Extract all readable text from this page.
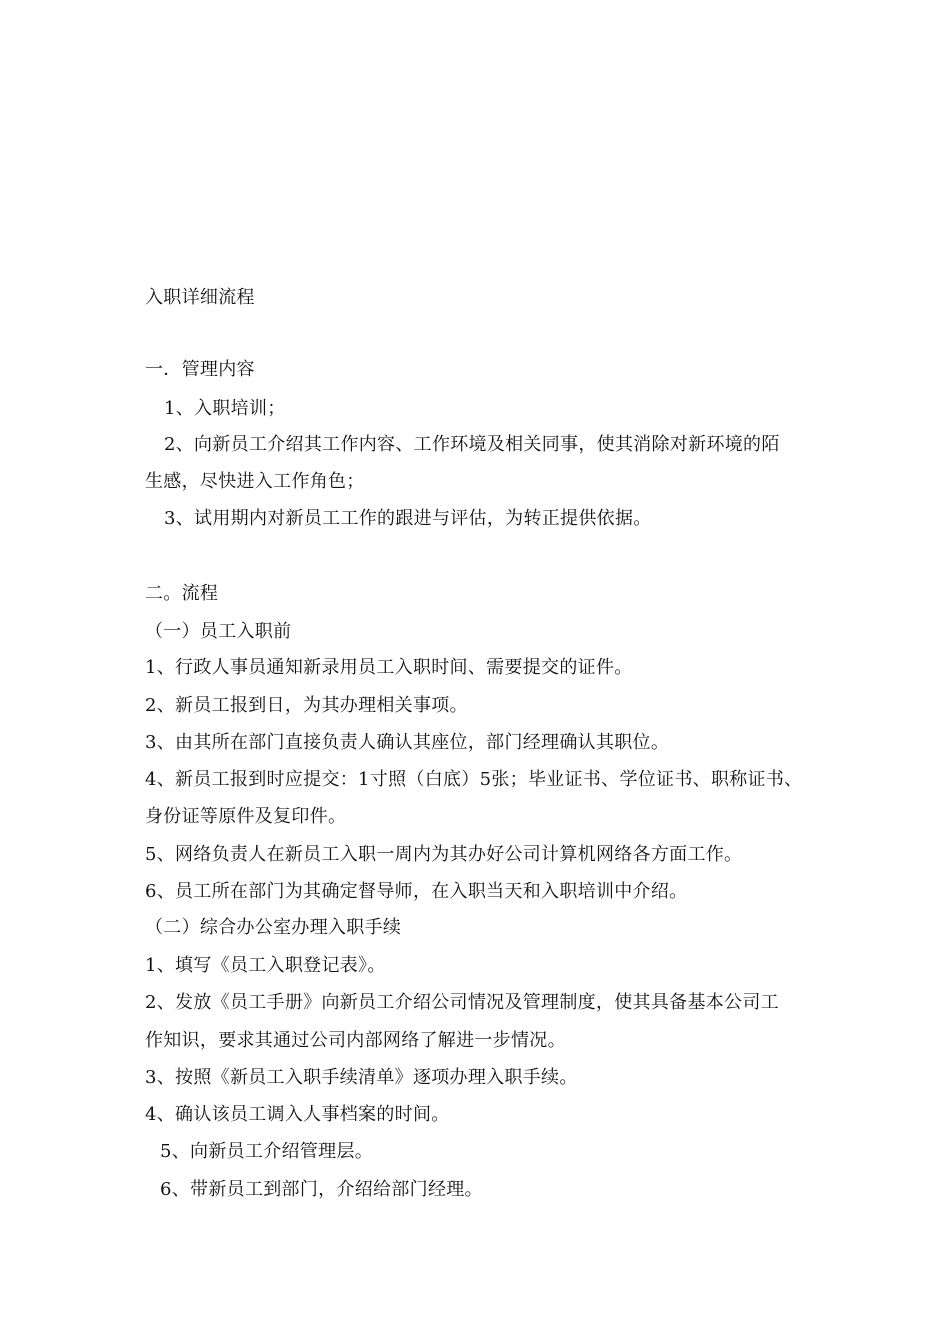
入职详细流程
一．管理内容
1、入职培训；
2、向新员工介绍其工作内容、工作环境及相关同事，使其消除对新环境的陌
生感，尽快进入工作角色；
3、试用期内对新员工工作的跟进与评估，为转正提供依据。
二。流程
（一）员工入职前
1、行政人事员通知新录用员工入职时间、需要提交的证件。
2、新员工报到日，为其办理相关事项。
3、由其所在部门直接负责人确认其座位，部门经理确认其职位。
4、新员工报到时应提交：1寸照（白底）5张；毕业证书、学位证书、职称证书、
身份证等原件及复印件。
5、网络负责人在新员工入职一周内为其办好公司计算机网络各方面工作。
6、员工所在部门为其确定督导师，在入职当天和入职培训中介绍。
（二）综合办公室办理入职手续
1、填写《员工入职登记表》。
2、发放《员工手册》向新员工介绍公司情况及管理制度，使其具备基本公司工
作知识，要求其通过公司内部网络了解进一步情况。
3、按照《新员工入职手续清单》逐项办理入职手续。
4、确认该员工调入人事档案的时间。
5、向新员工介绍管理层。
6、带新员工到部门，介绍给部门经理。
